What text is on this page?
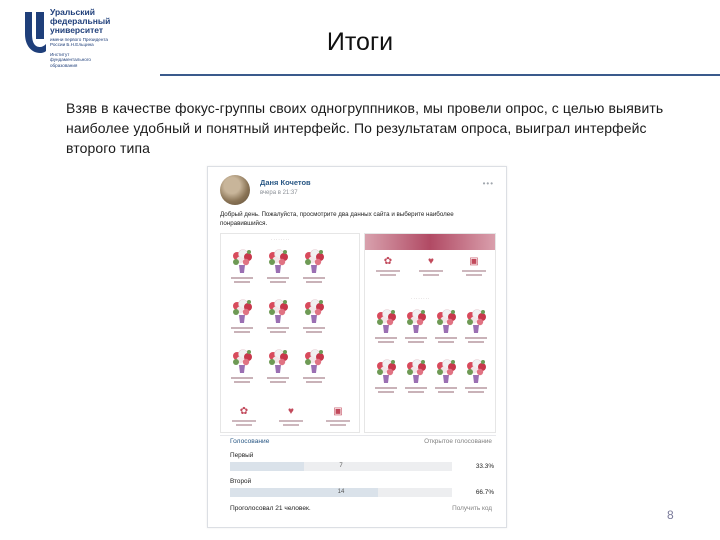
Уральский
федеральный
университет
имени первого Президента
России Б.Н.Ельцина
Институт
фундаментального
образования
Итоги
Взяв в качестве фокус-группы своих одногруппников, мы провели опрос, с целью выявить наиболее удобный и понятный интерфейс. По результатам опроса, выиграл интерфейс второго типа
Даня Кочетов
вчера в 21:37
•••
Добрый день. Пожалуйста, просмотрите два данных сайта и выберите наиболее понравившийся.
· · · · · · · ·
✿	♥	▣
✿	♥	▣
· · · · · · · ·
Голосование	Открытое голосование
Первый
7	33.3%
Второй
14	66.7%
Проголосовал 21 человек.	Получить код	8
